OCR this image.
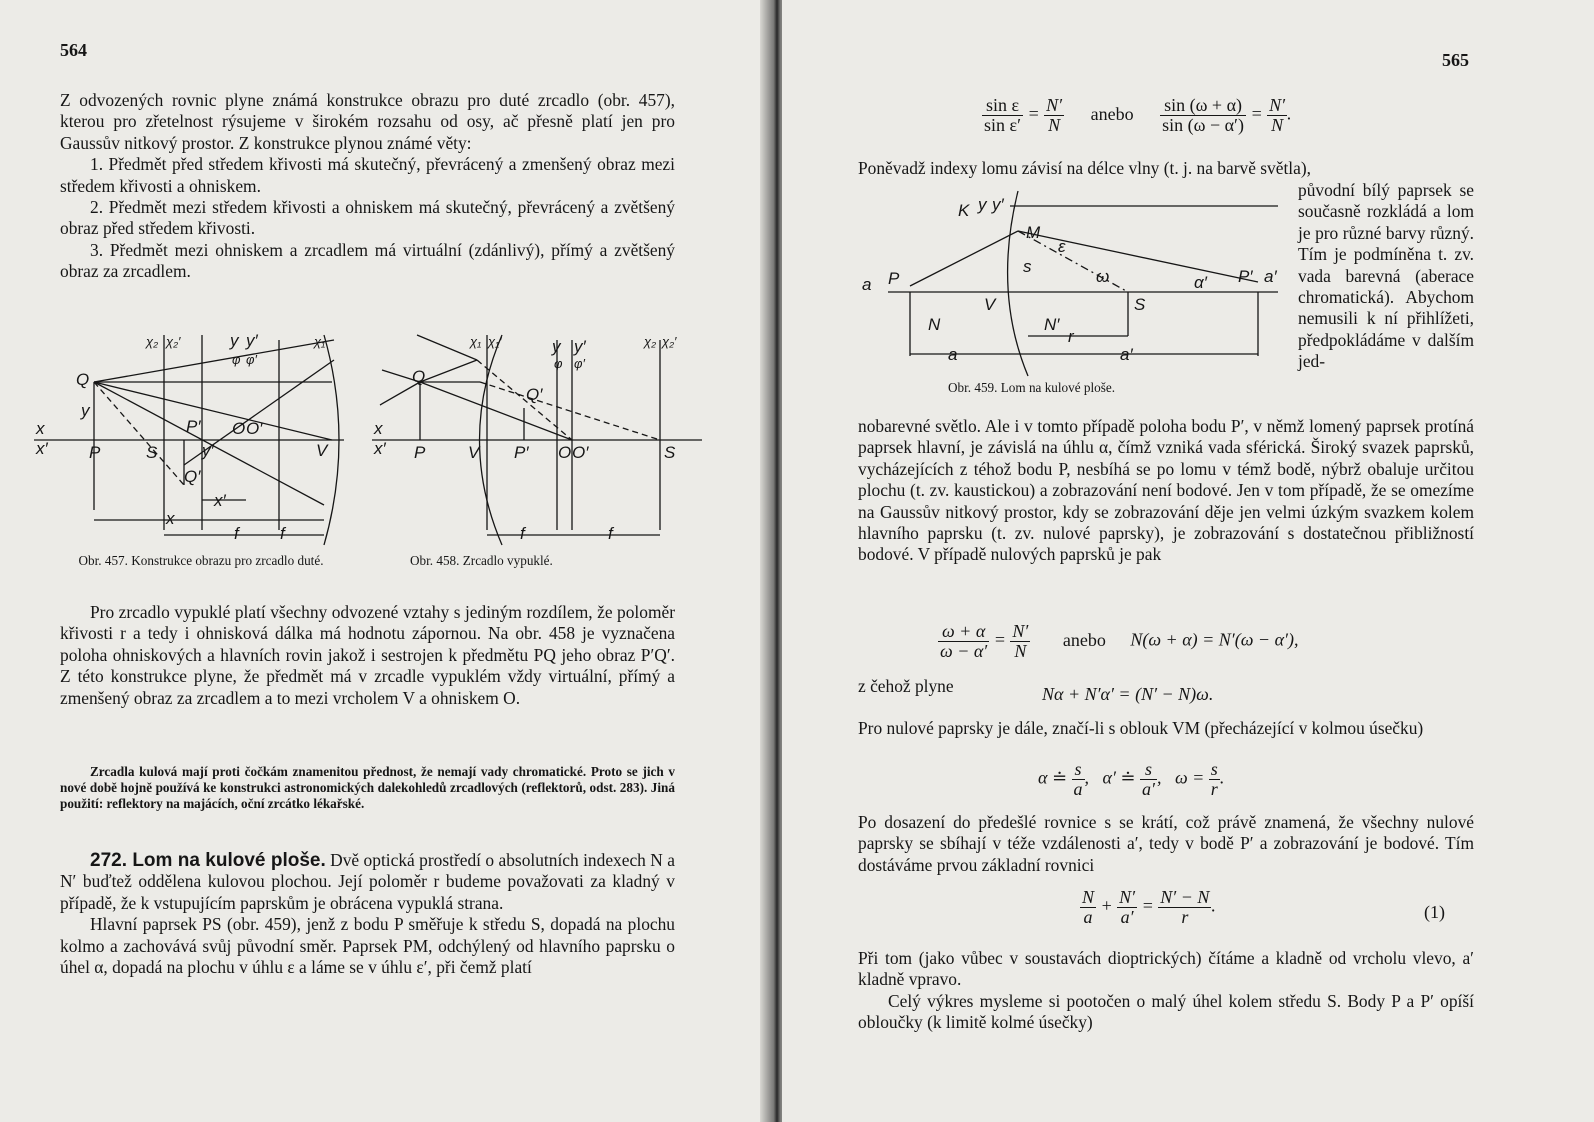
564

Z odvozených rovnic plyne známá konstrukce obrazu pro duté zrcadlo (obr. 457), kterou pro zřetelnost rýsujeme v širokém rozsahu od osy, ač přesně platí jen pro Gaussův nitkový prostor. Z konstrukce plynou známé věty:

1. Předmět před středem křivosti má skutečný, převrácený a zmenšený obraz mezi středem křivosti a ohniskem.

2. Předmět mezi středem křivosti a ohniskem má skutečný, převrácený a zvětšený obraz před středem křivosti.

3. Předmět mezi ohniskem a zrcadlem má virtuální (zdánlivý), přímý a zvětšený obraz za zrcadlem.

Q
y
x
x′ P	S
P′ O O′
V
Q′
y′
x′
x
f f
χ₂ χ₂′	y y′
φ φ′
χ₁
Q
x
x′ P	V P′ O O′	S
Q′
f	f
χ₁ χ₁′	y y′
φ φ′
χ₂ χ₂′
Obr. 457. Konstrukce obrazu pro zrcadlo duté.	Obr. 458. Zrcadlo vypuklé.

Pro zrcadlo vypuklé platí všechny odvozené vztahy s jediným rozdílem, že poloměr křivosti r a tedy i ohnisková dálka má hodnotu zápornou. Na obr. 458 je vyznačena poloha ohniskových a hlavních rovin jakož i sestrojen k předmětu PQ jeho obraz P′Q′. Z této konstrukce plyne, že předmět má v zrcadle vypuklém vždy virtuální, přímý a zmenšený obraz za zrcadlem a to mezi vrcholem V a ohniskem O.

Zrcadla kulová mají proti čočkám znamenitou přednost, že nemají vady chromatické. Proto se jich v nové době hojně používá ke konstrukci astronomických dalekohledů zrcadlových (reflektorů, odst. 283). Jiná použití: reflektory na majácích, oční zrcátko lékařské.

272. Lom na kulové ploše. Dvě optická prostředí o absolutních indexech N a N′ buďtež oddělena kulovou plochou. Její poloměr r budeme považovati za kladný v případě, že k vstupujícím paprskům je obrácena vypuklá strana.

Hlavní paprsek PS (obr. 459), jenž z bodu P směřuje k středu S, dopadá na plochu kolmo a zachovává svůj původní směr. Paprsek PM, odchýlený od hlavního paprsku o úhel α, dopadá na plochu v úhlu ε a láme se v úhlu ε′, při čemž platí

565
$\frac{\text{sin ε}}{\text{sin ε′}} = \frac{N'}{N}$ anebo $\frac{\sin (\omega + \alpha)}{\sin (\omega - \alpha')} = \frac{N'}{N}$ .
Poněvadž indexy lomu závisí na délce vlny (t. j. na barvě světla),
K y y′
M
ε
s
ω	α′
a P	P′ a′
V	S
N	N′
r
a	a′
původní bílý paprsek se současně rozkládá a lom je pro různé barvy různý. Tím je podmíněna t. zv. vada barevná (aberace chromatická). Abychom nemusili k ní přihlížeti, předpokládáme v dalším jed-
Obr. 459. Lom na kulové ploše.
nobarevné světlo. Ale i v tomto případě poloha bodu P′, v němž lomený paprsek protíná paprsek hlavní, je závislá na úhlu α, čímž vzniká vada sférická. Široký svazek paprsků, vycházejících z téhož bodu P, nesbíhá se po lomu v témž bodě, nýbrž obaluje určitou plochu (t. zv. kaustickou) a zobrazování není bodové. Jen v tom případě, že se omezíme na Gaussův nitkový prostor, kdy se zobrazování děje jen velmi úzkým svazkem kolem hlavního paprsku (t. zv. nulové paprsky), je zobrazování s dostatečnou přibližností bodové. V případě nulových paprsků je pak
$\frac{\omega + \alpha}{\omega - \alpha'} = \frac{N'}{N}$ anebo N(ω + α) = N′(ω − α′),
z čehož plyne	Nα + N′α′ = (N′ − N)ω.
Pro nulové paprsky je dále, značí-li s oblouk VM (přecházející v kolmou úsečku)
α ≐ $\frac{s}{a}$ ,   α′ ≐ $\frac{s}{a'}$ ,   $\omega = \frac{s}{r}$ .
Po dosazení do předešlé rovnice s se krátí, což právě znamená, že všechny nulové paprsky se sbíhají v téže vzdálenosti a′, tedy v bodě P′ a zobrazování je bodové. Tím dostáváme prvou základní rovnici
$\frac{N}{a} + \frac{N'}{a'} = \frac{N' - N}{r}$ .	(1)

Při tom (jako vůbec v soustavách dioptrických) čítáme a kladně od vrcholu vlevo, a′ kladně vpravo.

Celý výkres mysleme si pootočen o malý úhel kolem středu S. Body P a P′ opíší obloučky (k limitě kolmé úsečky)
